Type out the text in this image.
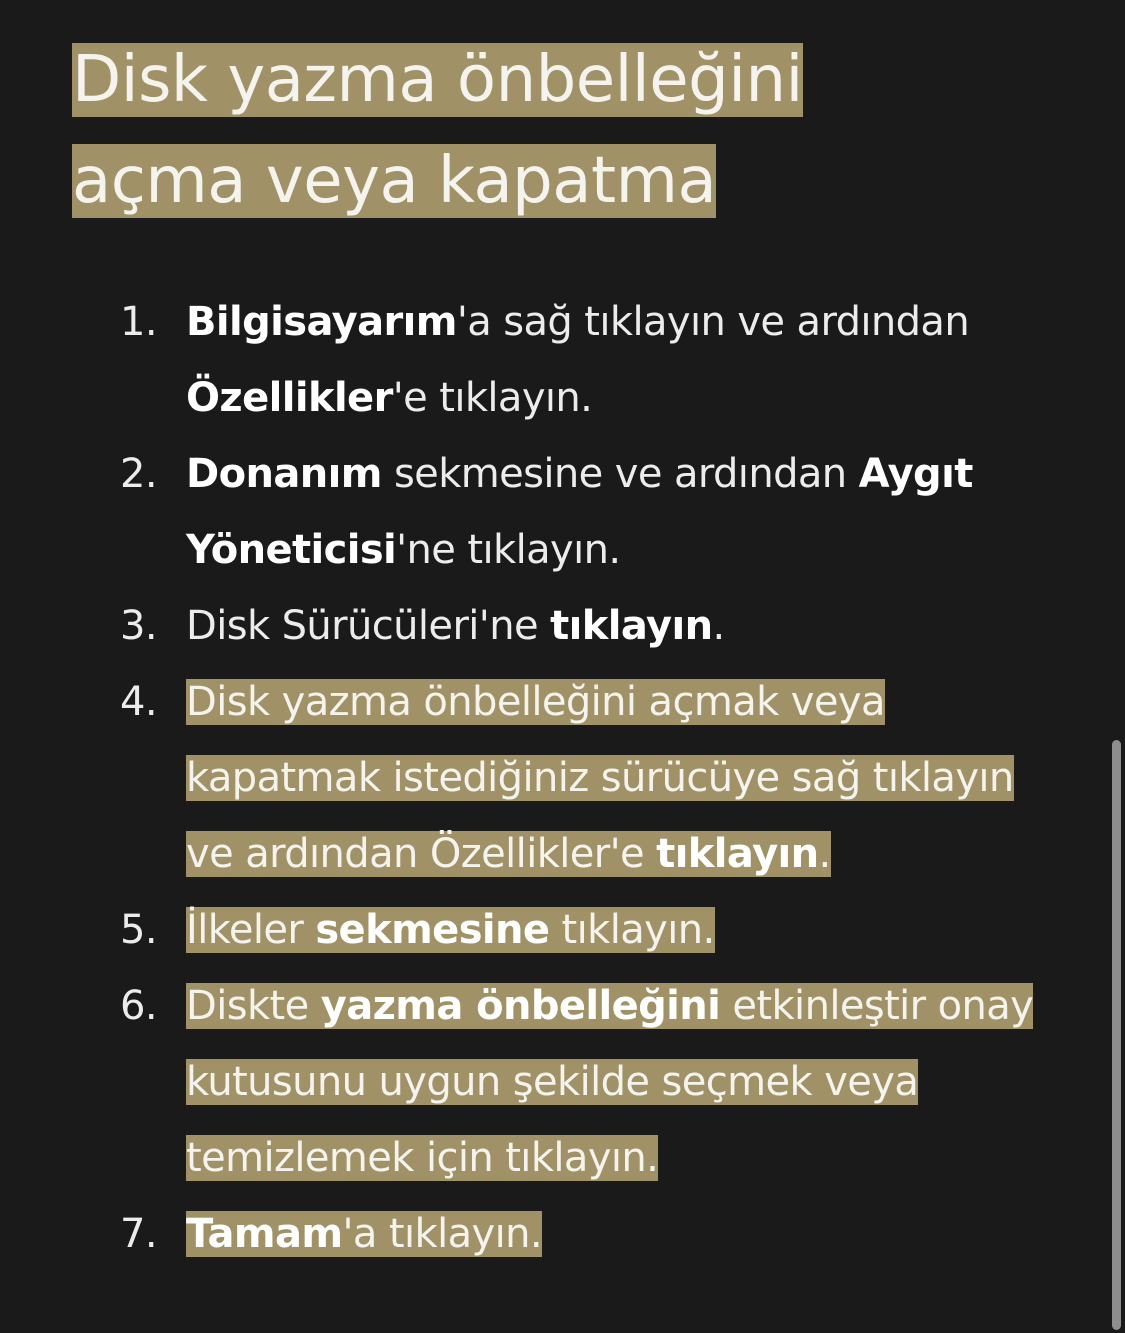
Disk yazma önbelleğini
açma veya kapatma
1. Bilgisayarım'a sağ tıklayın ve ardından Özellikler'e tıklayın.
2. Donanım sekmesine ve ardından Aygıt Yöneticisi'ne tıklayın.
3. Disk Sürücüleri'ne tıklayın.
4. Disk yazma önbelleğini açmak veya kapatmak istediğiniz sürücüye sağ tıklayın ve ardından Özellikler'e tıklayın.
5. İlkeler sekmesine tıklayın.
6. Diskte yazma önbelleğini etkinleştir onay kutusunu uygun şekilde seçmek veya temizlemek için tıklayın.
7. Tamam'a tıklayın.
